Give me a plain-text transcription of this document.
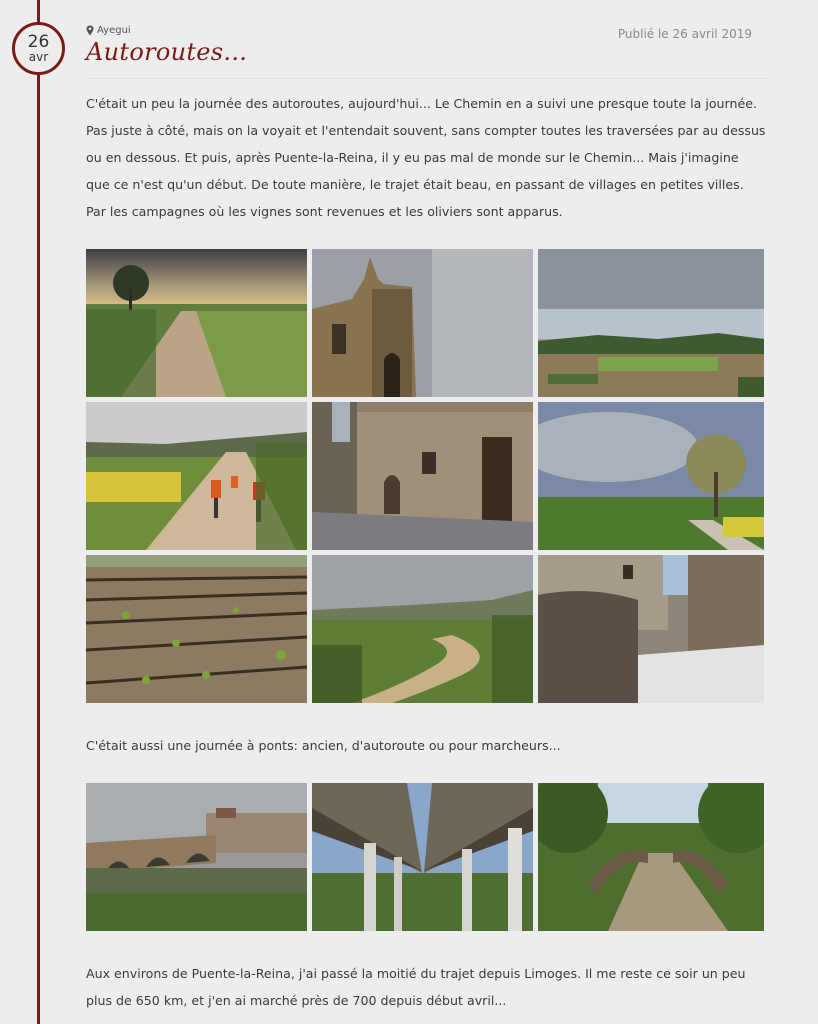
26
avr
Ayegui
Autoroutes...
Publié le 26 avril 2019

C'était un peu la journée des autoroutes, aujourd'hui... Le Chemin en a suivi une presque toute la journée. Pas juste à côté, mais on la voyait et l'entendait souvent, sans compter toutes les traversées par au dessus ou en dessous. Et puis, après Puente-la-Reina, il y eu pas mal de monde sur le Chemin... Mais j'imagine que ce n'est qu'un début. De toute manière, le trajet était beau, en passant de villages en petites villes. Par les campagnes où les vignes sont revenues et les oliviers sont apparus.

C'était aussi une journée à ponts: ancien, d'autoroute ou pour marcheurs...

Aux environs de Puente-la-Reina, j'ai passé la moitié du trajet depuis Limoges. Il me reste ce soir un peu plus de 650 km, et j'en ai marché près de 700 depuis début avril...
